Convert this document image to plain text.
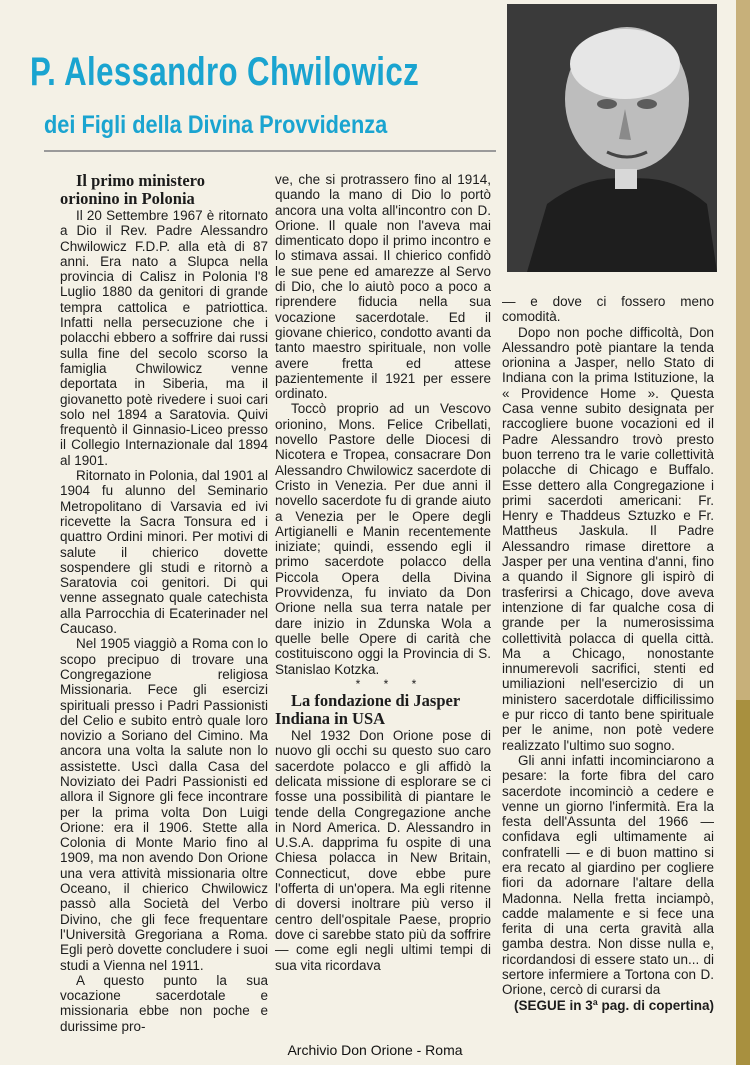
P. Alessandro Chwilowicz
dei Figli della Divina Provvidenza

Il primo ministero orionino in Polonia

Il 20 Settembre 1967 è ritornato a Dio il Rev. Padre Alessandro Chwilowicz F.D.P. alla età di 87 anni. Era nato a Slupca nella provincia di Calisz in Polonia l'8 Luglio 1880 da genitori di grande tempra cattolica e patriottica. Infatti nella persecuzione che i polacchi ebbero a soffrire dai russi sulla fine del secolo scorso la famiglia Chwilowicz venne deportata in Siberia, ma il giovanetto potè rivedere i suoi cari solo nel 1894 a Saratovia. Quivi frequentò il Ginnasio-Liceo presso il Collegio Internazionale dal 1894 al 1901.

Ritornato in Polonia, dal 1901 al 1904 fu alunno del Seminario Metropolitano di Varsavia ed ivi ricevette la Sacra Tonsura ed i quattro Ordini minori. Per motivi di salute il chierico dovette sospendere gli studi e ritornò a Saratovia coi genitori. Di qui venne assegnato quale catechista alla Parrocchia di Ecaterinader nel Caucaso.

Nel 1905 viaggiò a Roma con lo scopo precipuo di trovare una Congregazione religiosa Missionaria. Fece gli esercizi spirituali presso i Padri Passionisti del Celio e subito entrò quale loro novizio a Soriano del Cimino. Ma ancora una volta la salute non lo assistette. Uscì dalla Casa del Noviziato dei Padri Passionisti ed allora il Signore gli fece incontrare per la prima volta Don Luigi Orione: era il 1906. Stette alla Colonia di Monte Mario fino al 1909, ma non avendo Don Orione una vera attività missionaria oltre Oceano, il chierico Chwilowicz passò alla Società del Verbo Divino, che gli fece frequentare l'Università Gregoriana a Roma. Egli però dovette concludere i suoi studi a Vienna nel 1911.

A questo punto la sua vocazione sacerdotale e missionaria ebbe non poche e durissime pro-

ve, che si protrassero fino al 1914, quando la mano di Dio lo portò ancora una volta all'incontro con D. Orione. Il quale non l'aveva mai dimenticato dopo il primo incontro e lo stimava assai. Il chierico confidò le sue pene ed amarezze al Servo di Dio, che lo aiutò poco a poco a riprendere fiducia nella sua vocazione sacerdotale. Ed il giovane chierico, condotto avanti da tanto maestro spirituale, non volle avere fretta ed attese pazientemente il 1921 per essere ordinato.

Toccò proprio ad un Vescovo orionino, Mons. Felice Cribellati, novello Pastore delle Diocesi di Nicotera e Tropea, consacrare Don Alessandro Chwilowicz sacerdote di Cristo in Venezia. Per due anni il novello sacerdote fu di grande aiuto a Venezia per le Opere degli Artigianelli e Manin recentemente iniziate; quindi, essendo egli il primo sacerdote polacco della Piccola Opera della Divina Provvidenza, fu inviato da Don Orione nella sua terra natale per dare inizio in Zdunska Wola a quelle belle Opere di carità che costituiscono oggi la Provincia di S. Stanislao Kotzka.

* * *

La fondazione di Jasper Indiana in USA

Nel 1932 Don Orione pose di nuovo gli occhi su questo suo caro sacerdote polacco e gli affidò la delicata missione di esplorare se ci fosse una possibilità di piantare le tende della Congregazione anche in Nord America. D. Alessandro in U.S.A. dapprima fu ospite di una Chiesa polacca in New Britain, Connecticut, dove ebbe pure l'offerta di un'opera. Ma egli ritenne di doversi inoltrare più verso il centro dell'ospitale Paese, proprio dove ci sarebbe stato più da soffrire — come egli negli ultimi tempi di sua vita ricordava

— e dove ci fossero meno comodità.

Dopo non poche difficoltà, Don Alessandro potè piantare la tenda orionina a Jasper, nello Stato di Indiana con la prima Istituzione, la « Providence Home ». Questa Casa venne subito designata per raccogliere buone vocazioni ed il Padre Alessandro trovò presto buon terreno tra le varie collettività polacche di Chicago e Buffalo. Esse dettero alla Congregazione i primi sacerdoti americani: Fr. Henry e Thaddeus Sztuzko e Fr. Mattheus Jaskula. Il Padre Alessandro rimase direttore a Jasper per una ventina d'anni, fino a quando il Signore gli ispirò di trasferirsi a Chicago, dove aveva intenzione di far qualche cosa di grande per la numerosissima collettività polacca di quella città. Ma a Chicago, nonostante innumerevoli sacrifici, stenti ed umiliazioni nell'esercizio di un ministero sacerdotale difficilissimo e pur ricco di tanto bene spirituale per le anime, non potè vedere realizzato l'ultimo suo sogno.

Gli anni infatti incominciarono a pesare: la forte fibra del caro sacerdote incominciò a cedere e venne un giorno l'infermità. Era la festa dell'Assunta del 1966 — confidava egli ultimamente ai confratelli — e di buon mattino si era recato al giardino per cogliere fiori da adornare l'altare della Madonna. Nella fretta inciampò, cadde malamente e si fece una ferita di una certa gravità alla gamba destra. Non disse nulla e, ricordandosi di essere stato un... di sertore infermiere a Tortona con D. Orione, cercò di curarsi da

(SEGUE in 3ª pag. di copertina)

Archivio Don Orione - Roma
